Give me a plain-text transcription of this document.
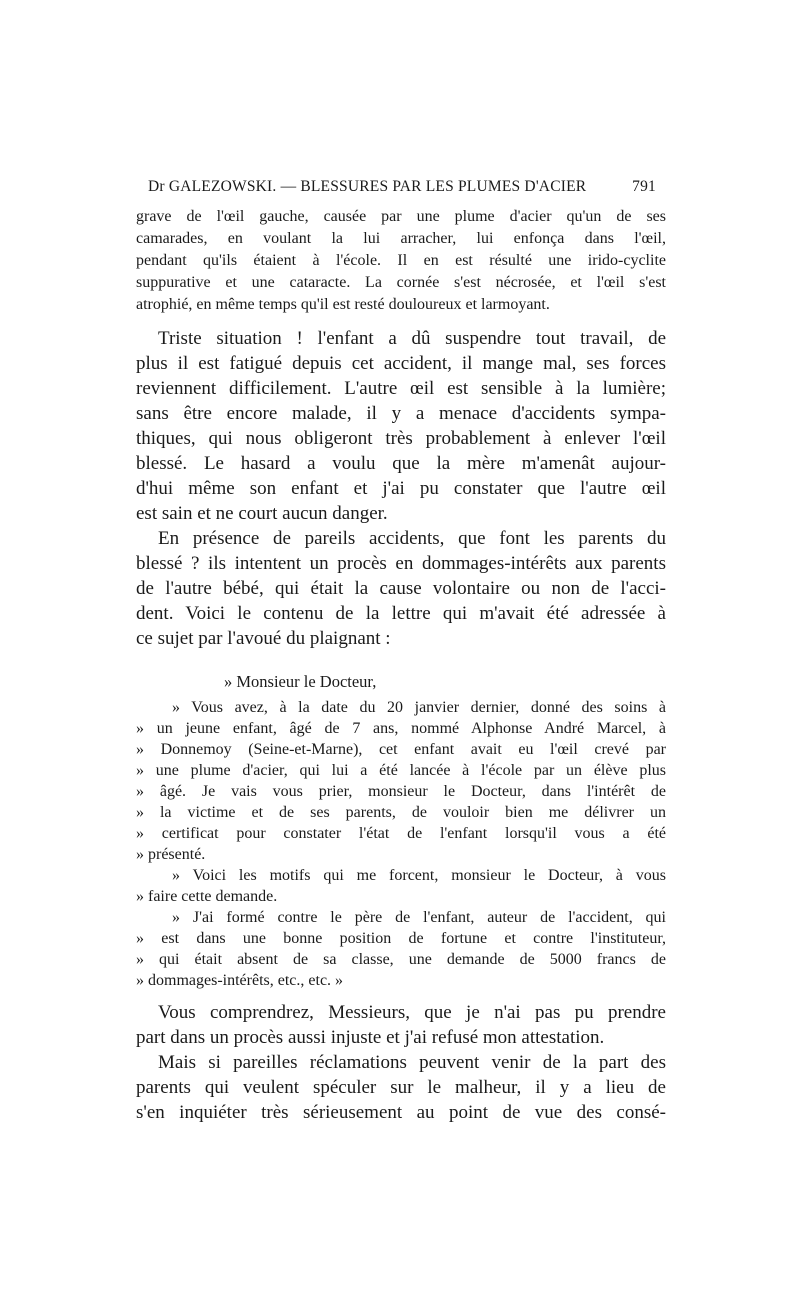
Dr GALEZOWSKI. — BLESSURES PAR LES PLUMES D'ACIER	791
grave de l'œil gauche, causée par une plume d'acier qu'un de ses
camarades, en voulant la lui arracher, lui enfonça dans l'œil,
pendant qu'ils étaient à l'école. Il en est résulté une irido-cyclite
suppurative et une cataracte. La cornée s'est nécrosée, et l'œil s'est
atrophié, en même temps qu'il est resté douloureux et larmoyant.
Triste situation ! l'enfant a dû suspendre tout travail, de
plus il est fatigué depuis cet accident, il mange mal, ses forces
reviennent difficilement. L'autre œil est sensible à la lumière;
sans être encore malade, il y a menace d'accidents sympa-
thiques, qui nous obligeront très probablement à enlever l'œil
blessé. Le hasard a voulu que la mère m'amenât aujour-
d'hui même son enfant et j'ai pu constater que l'autre œil
est sain et ne court aucun danger.
En présence de pareils accidents, que font les parents du
blessé ? ils intentent un procès en dommages-intérêts aux parents
de l'autre bébé, qui était la cause volontaire ou non de l'acci-
dent. Voici le contenu de la lettre qui m'avait été adressée à
ce sujet par l'avoué du plaignant :
» Monsieur le Docteur,
» Vous avez, à la date du 20 janvier dernier, donné des soins à
» un jeune enfant, âgé de 7 ans, nommé Alphonse André Marcel, à
» Donnemoy (Seine-et-Marne), cet enfant avait eu l'œil crevé par
» une plume d'acier, qui lui a été lancée à l'école par un élève plus
» âgé. Je vais vous prier, monsieur le Docteur, dans l'intérêt de
» la victime et de ses parents, de vouloir bien me délivrer un
» certificat pour constater l'état de l'enfant lorsqu'il vous a été
» présenté.
» Voici les motifs qui me forcent, monsieur le Docteur, à vous
» faire cette demande.
» J'ai formé contre le père de l'enfant, auteur de l'accident, qui
» est dans une bonne position de fortune et contre l'instituteur,
» qui était absent de sa classe, une demande de 5000 francs de
» dommages-intérêts, etc., etc. »
Vous comprendrez, Messieurs, que je n'ai pas pu prendre
part dans un procès aussi injuste et j'ai refusé mon attestation.
Mais si pareilles réclamations peuvent venir de la part des
parents qui veulent spéculer sur le malheur, il y a lieu de
s'en inquiéter très sérieusement au point de vue des consé-
